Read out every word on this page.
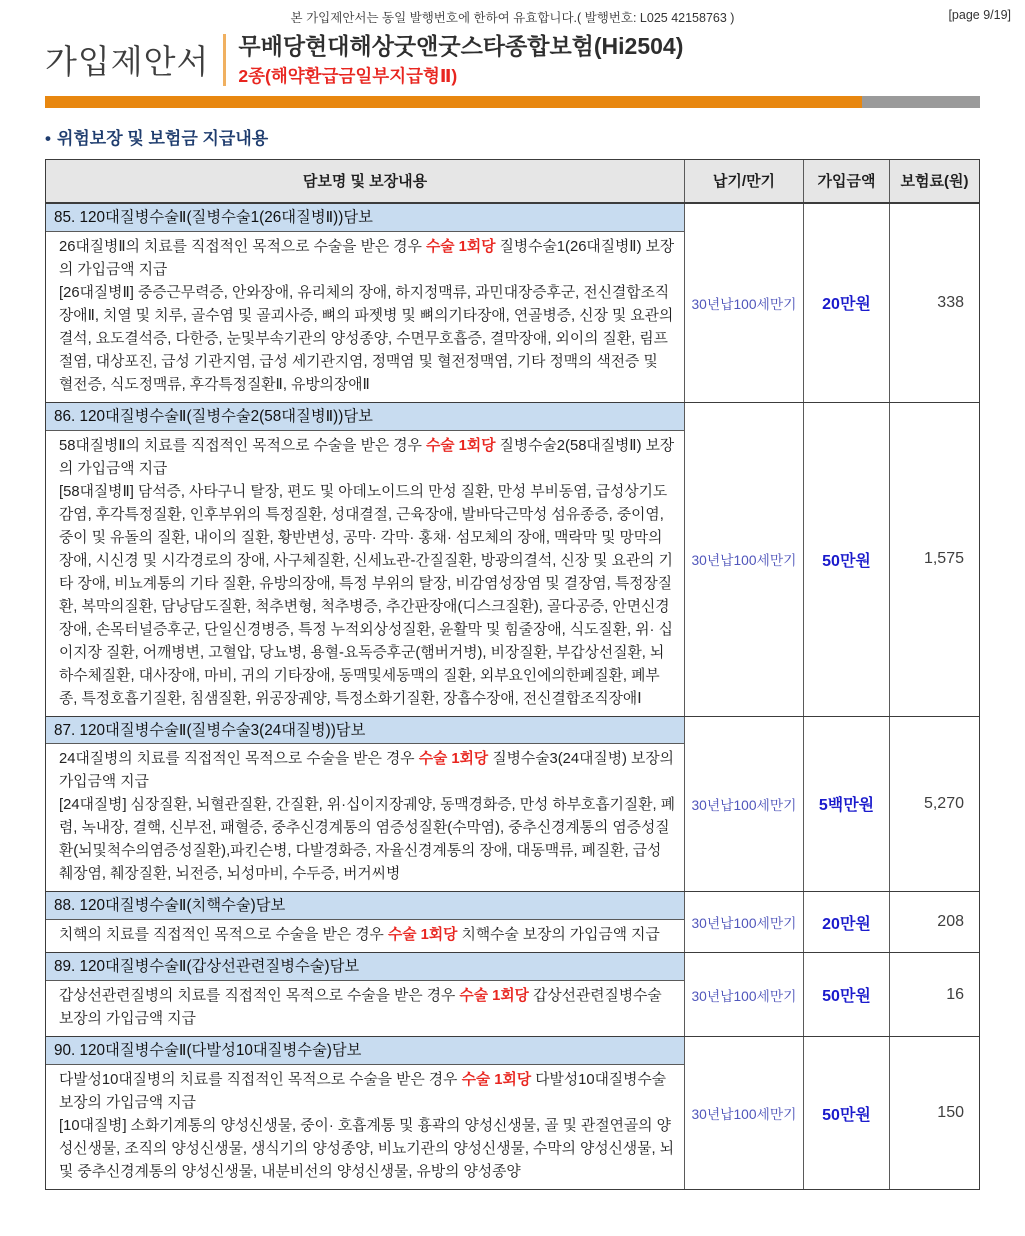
본 가입제안서는 동일 발행번호에 한하여 유효합니다.( 발행번호: L025 42158763 )	[page 9/19]
가입제안서	무배당현대해상굿앤굿스타종합보험(Hi2504)
2종(해약환급금일부지급형Ⅱ)
• 위험보장 및 보험금 지급내용
담보명 및 보장내용	납기/만기	가입금액	보험료(원)
85. 120대질병수술Ⅱ(질병수술1(26대질병Ⅱ))담보
26대질병Ⅱ의 치료를 직접적인 목적으로 수술을 받은 경우 수술 1회당 질병수술1(26대질병Ⅱ) 보장의 가입금액 지급
[26대질병Ⅱ] 중증근무력증, 안와장애, 유리체의 장애, 하지정맥류, 과민대장증후군, 전신결합조직장애Ⅱ, 치열 및 치루, 골수염 및 골괴사증, 뼈의 파젯병 및 뼈의기타장애, 연골병증, 신장 및 요관의 결석, 요도결석증, 다한증, 눈및부속기관의 양성종양, 수면무호흡증, 결막장애, 외이의 질환, 림프절염, 대상포진, 급성 기관지염, 급성 세기관지염, 정맥염 및 혈전정맥염, 기타 정맥의 색전증 및 혈전증, 식도정맥류, 후각특정질환Ⅱ, 유방의장애Ⅱ
30년납100세만기	20만원	338
86. 120대질병수술Ⅱ(질병수술2(58대질병Ⅱ))담보
58대질병Ⅱ의 치료를 직접적인 목적으로 수술을 받은 경우 수술 1회당 질병수술2(58대질병Ⅱ) 보장의 가입금액 지급
[58대질병Ⅱ] 담석증, 사타구니 탈장, 편도 및 아데노이드의 만성 질환, 만성 부비동염, 급성상기도감염, 후각특정질환, 인후부위의 특정질환, 성대결절, 근육장애, 발바닥근막성 섬유종증, 중이염, 중이 및 유돌의 질환, 내이의 질환, 황반변성, 공막· 각막· 홍채· 섬모체의 장애, 맥락막 및 망막의 장애, 시신경 및 시각경로의 장애, 사구체질환, 신세뇨관-간질질환, 방광의결석, 신장 및 요관의 기타 장애, 비뇨계통의 기타 질환, 유방의장애, 특정 부위의 탈장, 비감염성장염 및 결장염, 특정장질환, 복막의질환, 담낭담도질환, 척추변형, 척추병증, 추간판장애(디스크질환), 골다공증, 안면신경장애, 손목터널증후군, 단일신경병증, 특정 누적외상성질환, 윤활막 및 힘줄장애, 식도질환, 위· 십이지장 질환, 어깨병변, 고혈압, 당뇨병, 용혈-요독증후군(햄버거병), 비장질환, 부갑상선질환, 뇌하수체질환, 대사장애, 마비, 귀의 기타장애, 동맥및세동맥의 질환, 외부요인에의한폐질환, 폐부종, 특정호흡기질환, 침샘질환, 위공장궤양, 특정소화기질환, 장흡수장애, 전신결합조직장애Ⅰ
30년납100세만기	50만원	1,575
87. 120대질병수술Ⅱ(질병수술3(24대질병))담보
24대질병의 치료를 직접적인 목적으로 수술을 받은 경우 수술 1회당 질병수술3(24대질병) 보장의 가입금액 지급
[24대질병] 심장질환, 뇌혈관질환, 간질환, 위·십이지장궤양, 동맥경화증, 만성 하부호흡기질환, 폐렴, 녹내장, 결핵, 신부전, 패혈증, 중추신경계통의 염증성질환(수막염), 중추신경계통의 염증성질환(뇌및척수의염증성질환),파킨슨병, 다발경화증, 자율신경계통의 장애, 대동맥류, 폐질환, 급성 췌장염, 췌장질환, 뇌전증, 뇌성마비, 수두증, 버거씨병
30년납100세만기	5백만원	5,270
88. 120대질병수술Ⅱ(치핵수술)담보
치핵의 치료를 직접적인 목적으로 수술을 받은 경우 수술 1회당 치핵수술 보장의 가입금액 지급
30년납100세만기	20만원	208
89. 120대질병수술Ⅱ(갑상선관련질병수술)담보
갑상선관련질병의 치료를 직접적인 목적으로 수술을 받은 경우 수술 1회당 갑상선관련질병수술 보장의 가입금액 지급
30년납100세만기	50만원	16
90. 120대질병수술Ⅱ(다발성10대질병수술)담보
다발성10대질병의 치료를 직접적인 목적으로 수술을 받은 경우 수술 1회당 다발성10대질병수술 보장의 가입금액 지급
[10대질병] 소화기계통의 양성신생물, 중이· 호흡계통 및 흉곽의 양성신생물, 골 및 관절연골의 양성신생물, 조직의 양성신생물, 생식기의 양성종양, 비뇨기관의 양성신생물, 수막의 양성신생물, 뇌 및 중추신경계통의 양성신생물, 내분비선의 양성신생물, 유방의 양성종양
30년납100세만기	50만원	150
